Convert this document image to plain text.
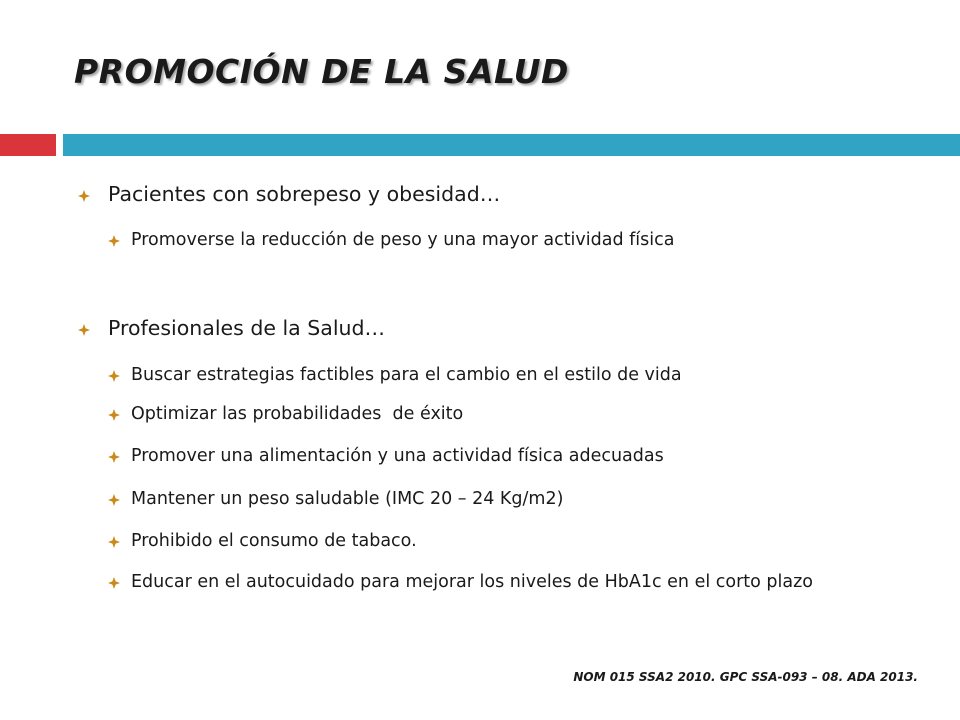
PROMOCIÓN DE LA SALUD
Pacientes con sobrepeso y obesidad…
Promoverse la reducción de peso y una mayor actividad física
Profesionales de la Salud…
Buscar estrategias factibles para el cambio en el estilo de vida
Optimizar las probabilidades  de éxito
Promover una alimentación y una actividad física adecuadas
Mantener un peso saludable (IMC 20 – 24 Kg/m2)
Prohibido el consumo de tabaco.
Educar en el autocuidado para mejorar los niveles de HbA1c en el corto plazo
NOM 015 SSA2 2010. GPC SSA-093 – 08. ADA 2013.
